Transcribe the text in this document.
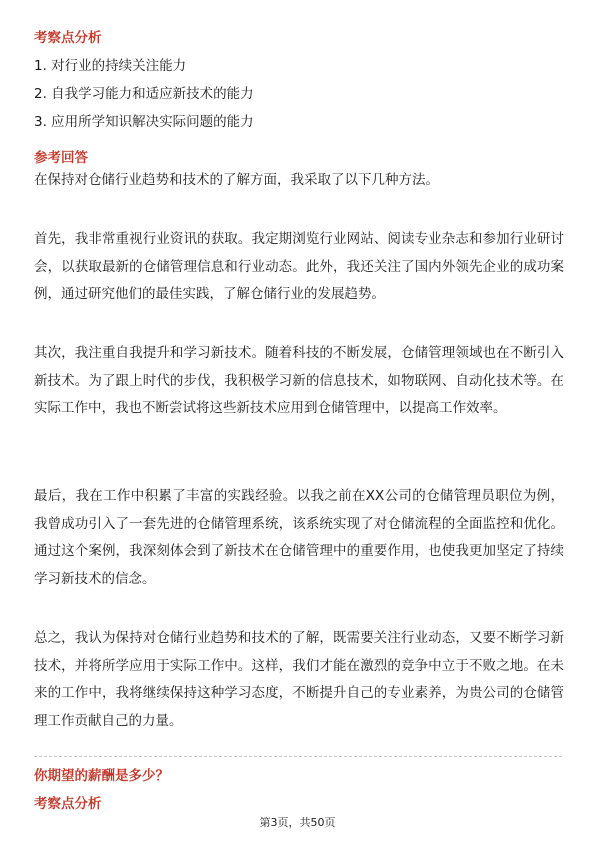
考察点分析
1. 对行业的持续关注能力
2. 自我学习能力和适应新技术的能力
3. 应用所学知识解决实际问题的能力
参考回答
在保持对仓储行业趋势和技术的了解方面，我采取了以下几种方法。
首先，我非常重视行业资讯的获取。我定期浏览行业网站、阅读专业杂志和参加行业研讨会，以获取最新的仓储管理信息和行业动态。此外，我还关注了国内外领先企业的成功案例，通过研究他们的最佳实践，了解仓储行业的发展趋势。
其次，我注重自我提升和学习新技术。随着科技的不断发展，仓储管理领域也在不断引入新技术。为了跟上时代的步伐，我积极学习新的信息技术，如物联网、自动化技术等。在实际工作中，我也不断尝试将这些新技术应用到仓储管理中，以提高工作效率。
最后，我在工作中积累了丰富的实践经验。以我之前在XX公司的仓储管理员职位为例，我曾成功引入了一套先进的仓储管理系统，该系统实现了对仓储流程的全面监控和优化。通过这个案例，我深刻体会到了新技术在仓储管理中的重要作用，也使我更加坚定了持续学习新技术的信念。
总之，我认为保持对仓储行业趋势和技术的了解，既需要关注行业动态，又要不断学习新技术，并将所学应用于实际工作中。这样，我们才能在激烈的竞争中立于不败之地。在未来的工作中，我将继续保持这种学习态度，不断提升自己的专业素养，为贵公司的仓储管理工作贡献自己的力量。
你期望的薪酬是多少？
考察点分析
第3页，共50页
